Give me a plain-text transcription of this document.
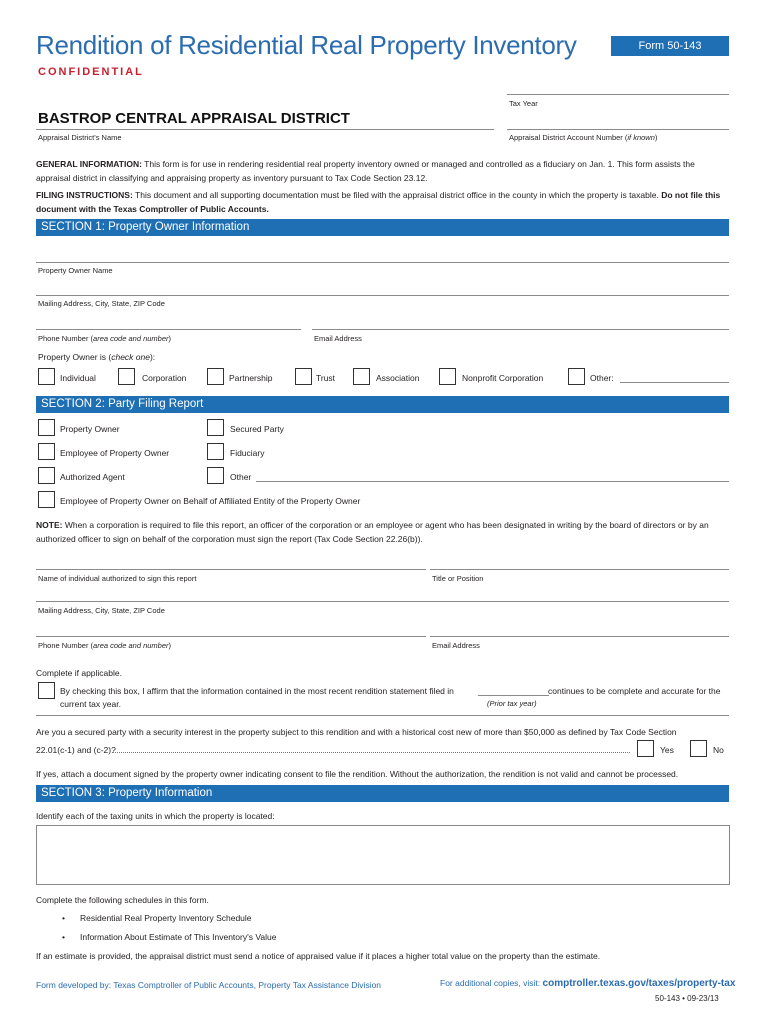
Rendition of Residential Real Property Inventory	Form 50-143
CONFIDENTIAL
Tax Year
BASTROP CENTRAL APPRAISAL DISTRICT
Appraisal District's Name	Appraisal District Account Number (if known)
GENERAL INFORMATION: This form is for use in rendering residential real property inventory owned or managed and controlled as a fiduciary on Jan. 1. This form assists the appraisal district in classifying and appraising property as inventory pursuant to Tax Code Section 23.12.
FILING INSTRUCTIONS: This document and all supporting documentation must be filed with the appraisal district office in the county in which the property is taxable. Do not file this document with the Texas Comptroller of Public Accounts.
SECTION 1: Property Owner Information
Property Owner Name
Mailing Address, City, State, ZIP Code
Phone Number (area code and number)	Email Address
Property Owner is (check one):
Individual	Corporation	Partnership	Trust	Association	Nonprofit Corporation	Other:
SECTION 2: Party Filing Report
Property Owner	Secured Party
Employee of Property Owner	Fiduciary
Authorized Agent	Other
Employee of Property Owner on Behalf of Affiliated Entity of the Property Owner
NOTE: When a corporation is required to file this report, an officer of the corporation or an employee or agent who has been designated in writing by the board of directors or by an authorized officer to sign on behalf of the corporation must sign the report (Tax Code Section 22.26(b)).
Name of individual authorized to sign this report	Title or Position
Mailing Address, City, State, ZIP Code
Phone Number (area code and number)	Email Address
Complete if applicable.
By checking this box, I affirm that the information contained in the most recent rendition statement filed in	_______________ continues to be complete and accurate for the
current tax year.	(Prior tax year)
Are you a secured party with a security interest in the property subject to this rendition and with a historical cost new of more than $50,000 as defined by Tax Code Section
22.01(c-1) and (c-2)?	Yes	No
If yes, attach a document signed by the property owner indicating consent to file the rendition. Without the authorization, the rendition is not valid and cannot be processed.
SECTION 3: Property Information
Identify each of the taxing units in which the property is located:
Complete the following schedules in this form.
• Residential Real Property Inventory Schedule
• Information About Estimate of This Inventory's Value
If an estimate is provided, the appraisal district must send a notice of appraised value if it places a higher total value on the property than the estimate.
Form developed by: Texas Comptroller of Public Accounts, Property Tax Assistance Division	For additional copies, visit: comptroller.texas.gov/taxes/property-tax
50-143 • 09-23/13
